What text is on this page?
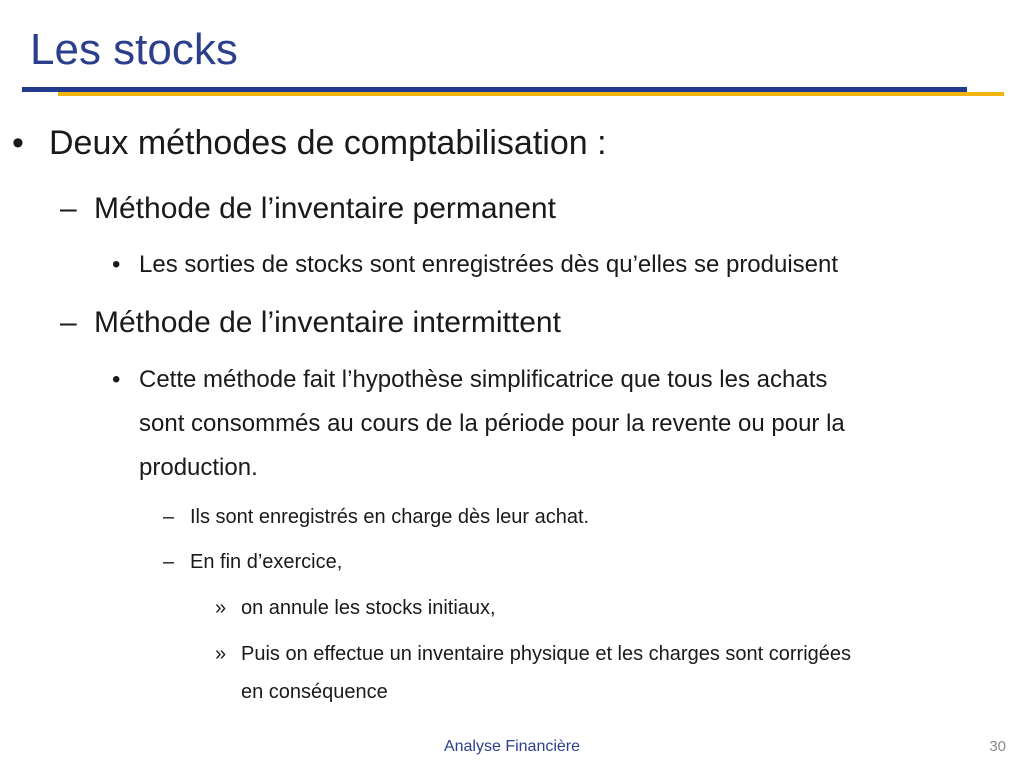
Les stocks
• Deux méthodes de comptabilisation :
– Méthode de l’inventaire permanent
• Les sorties de stocks sont enregistrées dès qu’elles se produisent
– Méthode de l’inventaire intermittent
• Cette méthode fait l’hypothèse simplificatrice que tous les achats
sont consommés au cours de la période pour la revente ou pour la
production.
– Ils sont enregistrés en charge dès leur achat.
– En fin d’exercice,
» on annule les stocks initiaux,
» Puis on effectue un inventaire physique et les charges sont corrigées
en conséquence
Analyse Financière	30
